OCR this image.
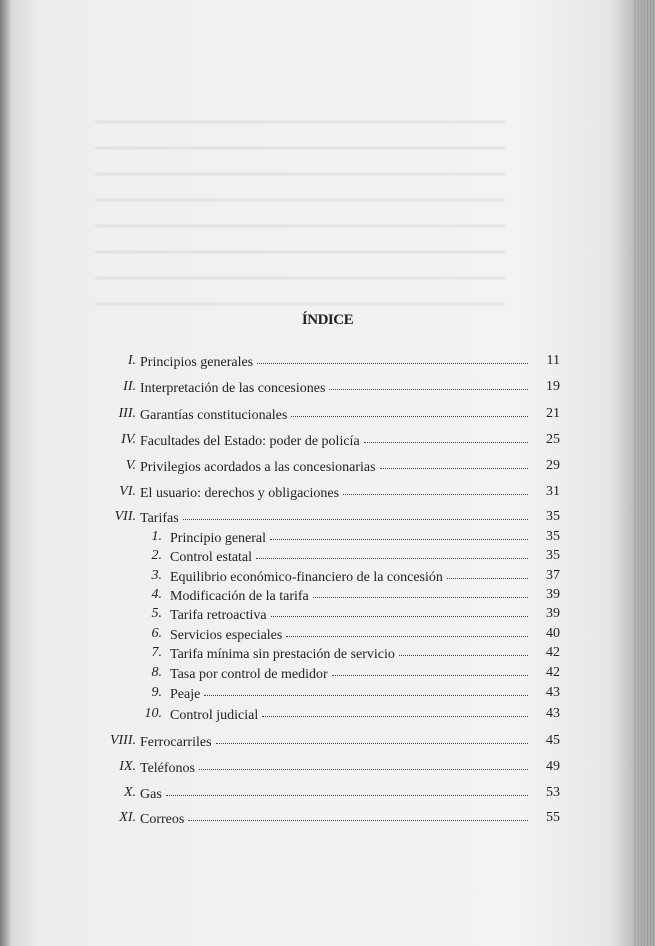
ÍNDICE
I. Principios generales	11
II. Interpretación de las concesiones	19
III. Garantías constitucionales	21
IV. Facultades del Estado: poder de policía	25
V. Privilegios acordados a las concesionarias	29
VI. El usuario: derechos y obligaciones	31
VII. Tarifas	35
1. Principio general	35
2. Control estatal	35
3. Equilibrio económico-financiero de la concesión	37
4. Modificación de la tarifa	39
5. Tarifa retroactiva	39
6. Servicios especiales	40
7. Tarifa mínima sin prestación de servicio	42
8. Tasa por control de medidor	42
9. Peaje	43
10. Control judicial	43
VIII. Ferrocarriles	45
IX. Teléfonos	49
X. Gas	53
XI. Correos	55
